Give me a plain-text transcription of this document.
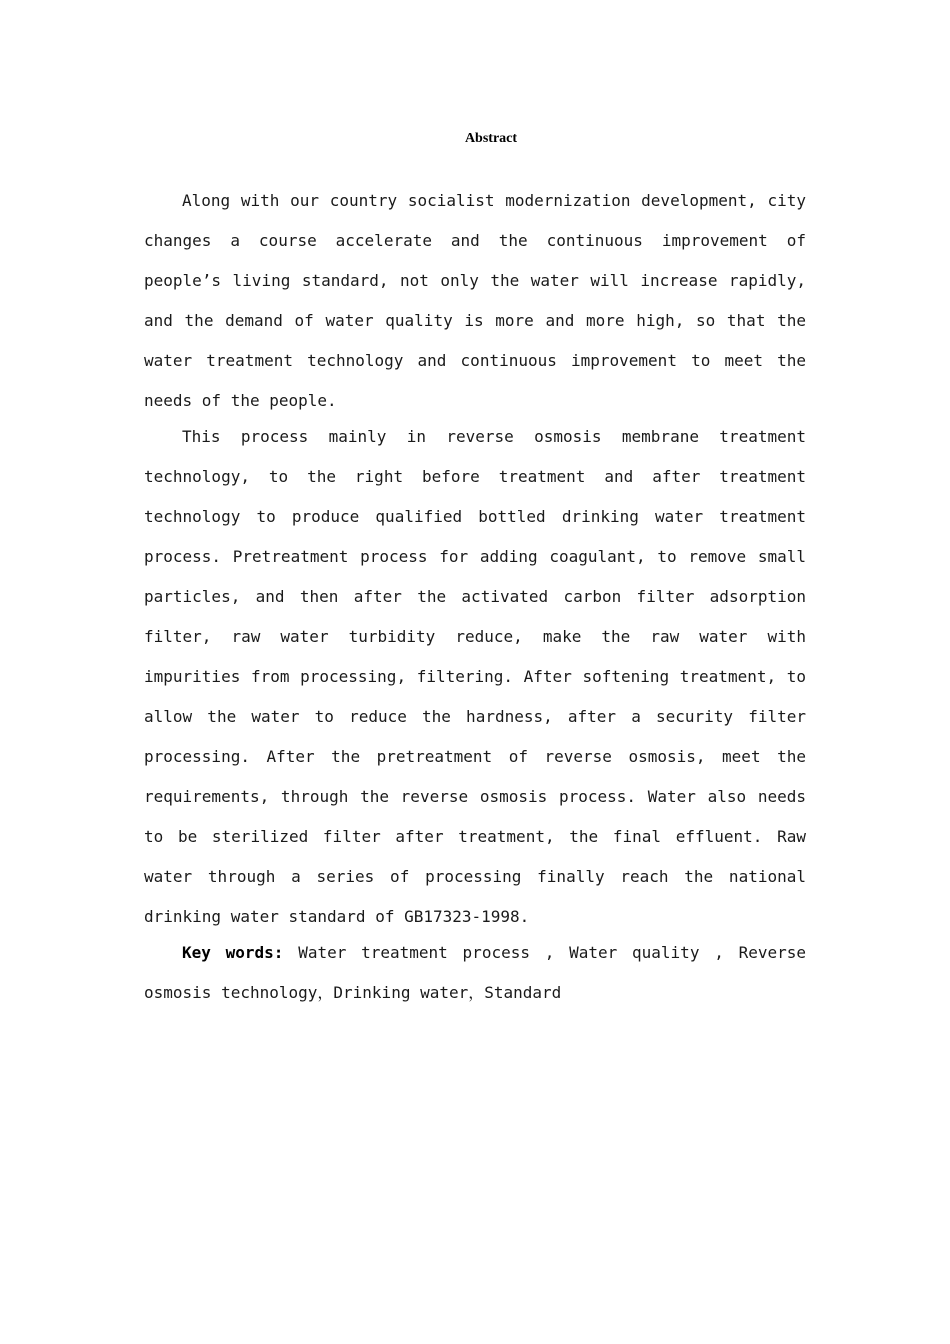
Abstract

Along with our country socialist modernization development, city changes a course accelerate and the continuous improvement of people’s living standard, not only the water will increase rapidly, and the demand of water quality is more and more high, so that the water treatment technology and continuous improvement to meet the needs of the people.

This process mainly in reverse osmosis membrane treatment technology, to the right before treatment and after treatment technology to produce qualified bottled drinking water treatment process. Pretreatment process for adding coagulant, to remove small particles, and then after the activated carbon filter adsorption filter, raw water turbidity reduce, make the raw water with impurities from processing, filtering. After softening treatment, to allow the water to reduce the hardness, after a security filter processing. After the pretreatment of reverse osmosis, meet the requirements, through the reverse osmosis process. Water also needs to be sterilized filter after treatment, the final effluent. Raw water through a series of processing finally reach the national drinking water standard of GB17323-1998.

Key words: Water treatment process , Water quality , Reverse osmosis technology，Drinking water，Standard
